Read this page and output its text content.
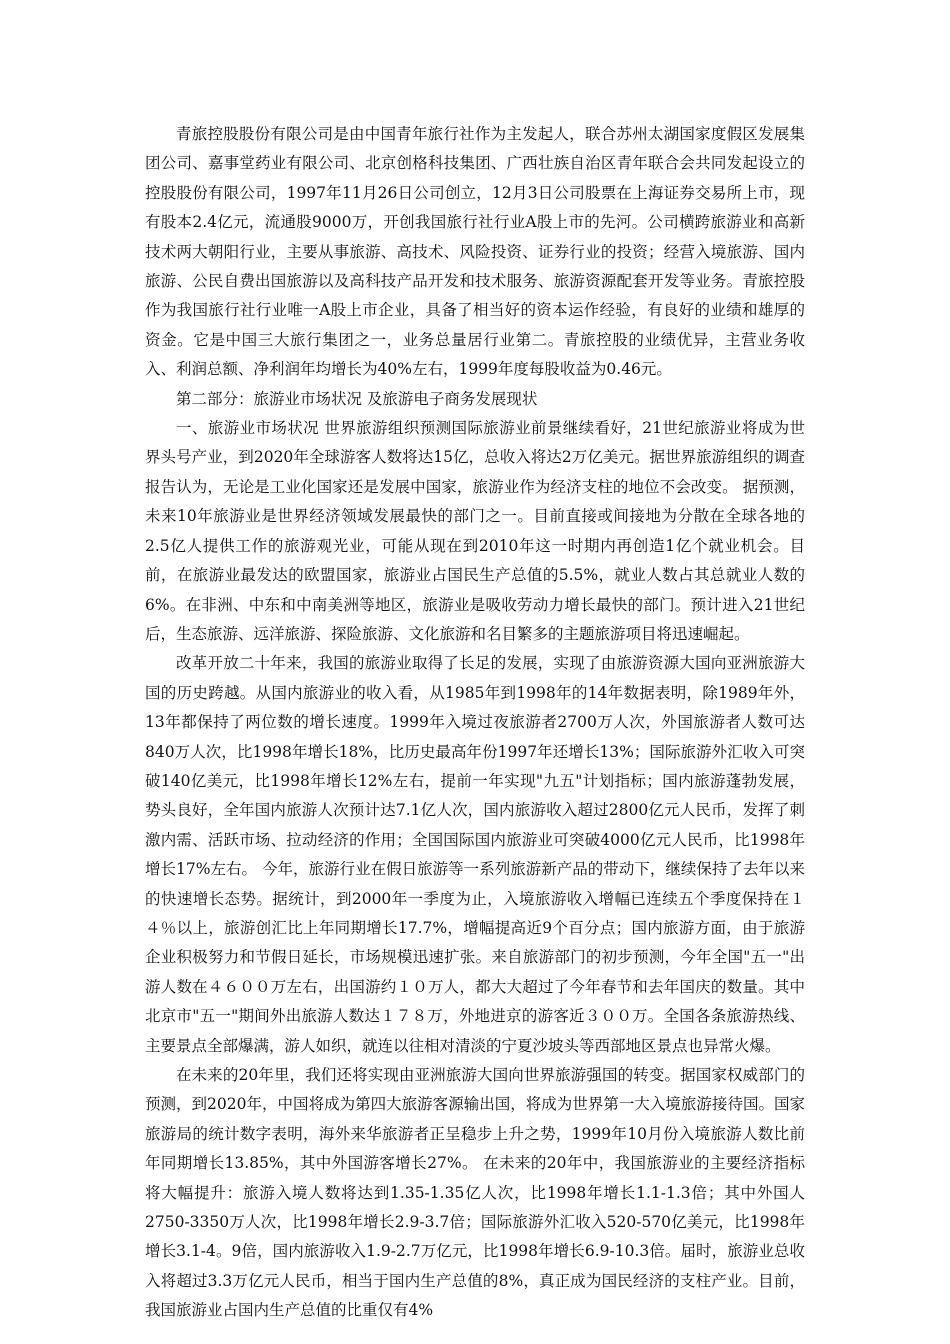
青旅控股股份有限公司是由中国青年旅行社作为主发起人，联合苏州太湖国家度假区发展集团公司、嘉事堂药业有限公司、北京创格科技集团、广西壮族自治区青年联合会共同发起设立的控股股份有限公司，1997年11月26日公司创立，12月3日公司股票在上海证券交易所上市，现有股本2.4亿元，流通股9000万，开创我国旅行社行业A股上市的先河。公司横跨旅游业和高新技术两大朝阳行业，主要从事旅游、高技术、风险投资、证券行业的投资；经营入境旅游、国内旅游、公民自费出国旅游以及高科技产品开发和技术服务、旅游资源配套开发等业务。青旅控股作为我国旅行社行业唯一A股上市企业，具备了相当好的资本运作经验，有良好的业绩和雄厚的资金。它是中国三大旅行集团之一，业务总量居行业第二。青旅控股的业绩优异，主营业务收入、利润总额、净利润年均增长为40%左右，1999年度每股收益为0.46元。

第二部分：旅游业市场状况 及旅游电子商务发展现状

一、旅游业市场状况 世界旅游组织预测国际旅游业前景继续看好，21世纪旅游业将成为世界头号产业，到2020年全球游客人数将达15亿，总收入将达2万亿美元。据世界旅游组织的调查报告认为，无论是工业化国家还是发展中国家，旅游业作为经济支柱的地位不会改变。 据预测，未来10年旅游业是世界经济领域发展最快的部门之一。目前直接或间接地为分散在全球各地的2.5亿人提供工作的旅游观光业，可能从现在到2010年这一时期内再创造1亿个就业机会。目前，在旅游业最发达的欧盟国家，旅游业占国民生产总值的5.5%，就业人数占其总就业人数的6%。在非洲、中东和中南美洲等地区，旅游业是吸收劳动力增长最快的部门。预计进入21世纪后，生态旅游、远洋旅游、探险旅游、文化旅游和名目繁多的主题旅游项目将迅速崛起。

改革开放二十年来，我国的旅游业取得了长足的发展，实现了由旅游资源大国向亚洲旅游大国的历史跨越。从国内旅游业的收入看，从1985年到1998年的14年数据表明，除1989年外，13年都保持了两位数的增长速度。1999年入境过夜旅游者2700万人次，外国旅游者人数可达840万人次，比1998年增长18%，比历史最高年份1997年还增长13%；国际旅游外汇收入可突破140亿美元，比1998年增长12%左右，提前一年实现"九五"计划指标；国内旅游蓬勃发展，势头良好，全年国内旅游人次预计达7.1亿人次，国内旅游收入超过2800亿元人民币，发挥了刺激内需、活跃市场、拉动经济的作用；全国国际国内旅游业可突破4000亿元人民币，比1998年增长17%左右。 今年，旅游行业在假日旅游等一系列旅游新产品的带动下，继续保持了去年以来的快速增长态势。据统计，到2000年一季度为止，入境旅游收入增幅已连续五个季度保持在１４％以上，旅游创汇比上年同期增长17.7%，增幅提高近9个百分点；国内旅游方面，由于旅游企业积极努力和节假日延长，市场规模迅速扩张。来自旅游部门的初步预测，今年全国"五一"出游人数在４６００万左右，出国游约１０万人，都大大超过了今年春节和去年国庆的数量。其中北京市"五一"期间外出旅游人数达１７８万，外地进京的游客近３００万。全国各条旅游热线、主要景点全部爆满，游人如织，就连以往相对清淡的宁夏沙坡头等西部地区景点也异常火爆。

在未来的20年里，我们还将实现由亚洲旅游大国向世界旅游强国的转变。据国家权威部门的预测，到2020年，中国将成为第四大旅游客源输出国，将成为世界第一大入境旅游接待国。国家旅游局的统计数字表明，海外来华旅游者正呈稳步上升之势，1999年10月份入境旅游人数比前年同期增长13.85%，其中外国游客增长27%。 在未来的20年中，我国旅游业的主要经济指标将大幅提升：旅游入境人数将达到1.35-1.35亿人次，比1998年增长1.1-1.3倍；其中外国人2750-3350万人次，比1998年增长2.9-3.7倍；国际旅游外汇收入520-570亿美元，比1998年增长3.1-4。9倍，国内旅游收入1.9-2.7万亿元，比1998年增长6.9-10.3倍。届时，旅游业总收入将超过3.3万亿元人民币，相当于国内生产总值的8%，真正成为国民经济的支柱产业。目前，我国旅游业占国内生产总值的比重仅有4%
